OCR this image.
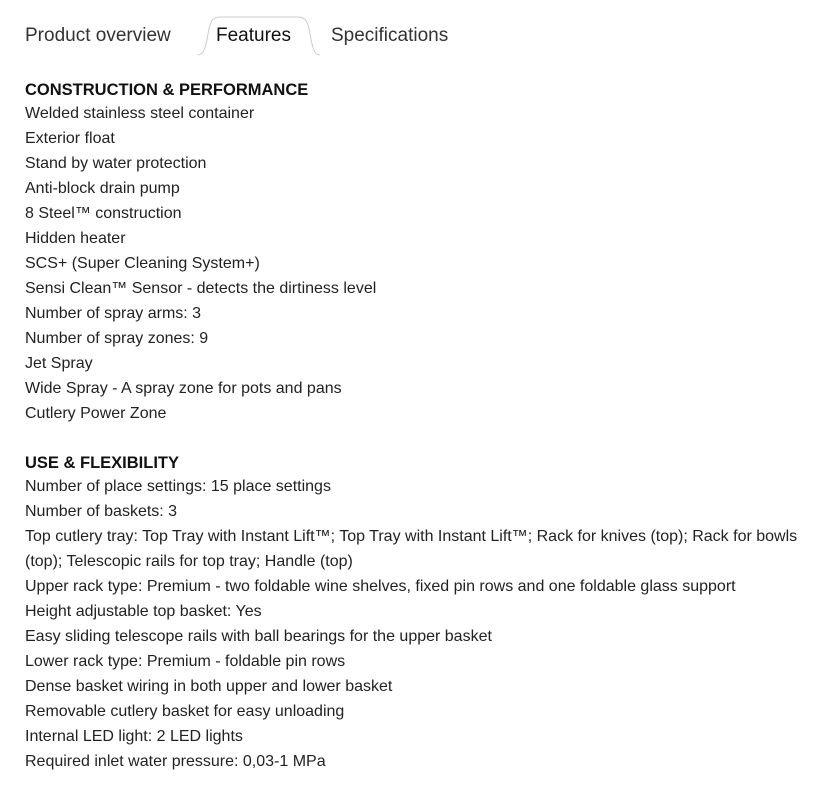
Product overview Features Specifications
CONSTRUCTION & PERFORMANCE
Welded stainless steel container
Exterior float
Stand by water protection
Anti-block drain pump
8 Steel™ construction
Hidden heater
SCS+ (Super Cleaning System+)
Sensi Clean™ Sensor - detects the dirtiness level
Number of spray arms: 3
Number of spray zones: 9
Jet Spray
Wide Spray - A spray zone for pots and pans
Cutlery Power Zone
USE & FLEXIBILITY
Number of place settings: 15 place settings
Number of baskets: 3
Top cutlery tray: Top Tray with Instant Lift™; Top Tray with Instant Lift™; Rack for knives (top); Rack for bowls (top); Telescopic rails for top tray; Handle (top)
Upper rack type: Premium - two foldable wine shelves, fixed pin rows and one foldable glass support
Height adjustable top basket: Yes
Easy sliding telescope rails with ball bearings for the upper basket
Lower rack type: Premium - foldable pin rows
Dense basket wiring in both upper and lower basket
Removable cutlery basket for easy unloading
Internal LED light: 2 LED lights
Required inlet water pressure: 0,03-1 MPa
